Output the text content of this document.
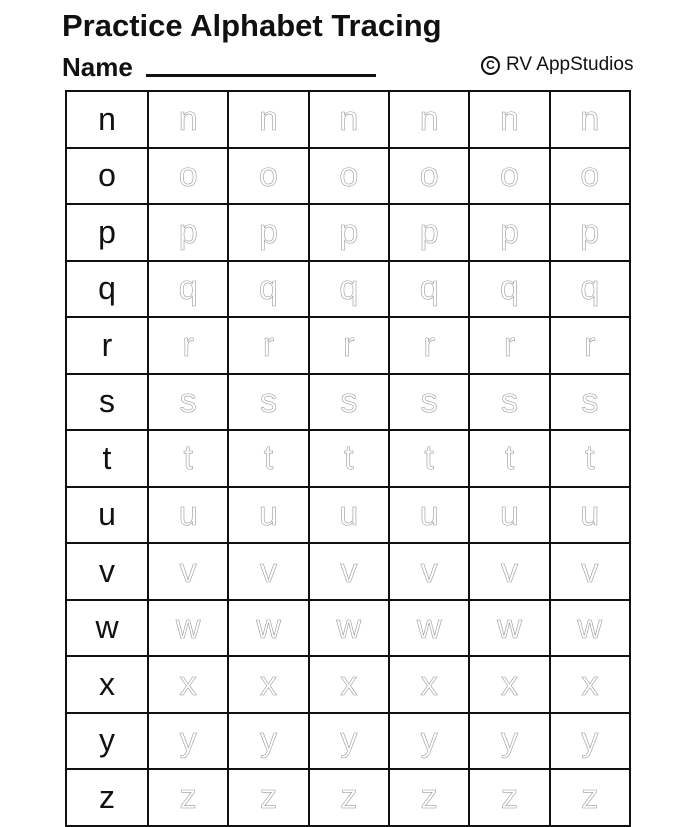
Practice Alphabet Tracing
Name	C RV AppStudios
n	n	n	n	n	n	n
o	o	o	o	o	o	o
p	p	p	p	p	p	p
q	q	q	q	q	q	q
r	r	r	r	r	r	r
s	s	s	s	s	s	s
t	t	t	t	t	t	t
u	u	u	u	u	u	u
v	v	v	v	v	v	v
w	w	w	w	w	w	w
x	x	x	x	x	x	x
y	y	y	y	y	y	y
z	z	z	z	z	z	z
